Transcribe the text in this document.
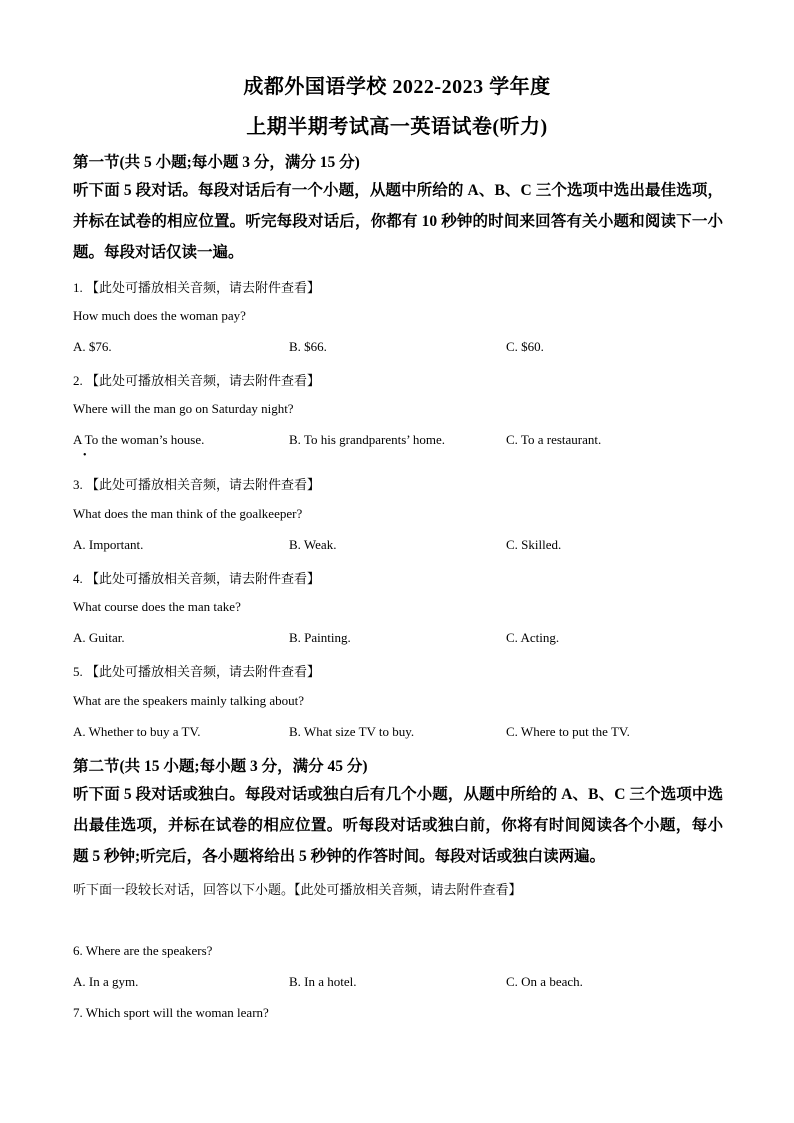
成都外国语学校 2022-2023 学年度
上期半期考试高一英语试卷(听力)
第一节(共 5 小题;每小题 3 分，满分 15 分)
听下面 5 段对话。每段对话后有一个小题，从题中所给的 A、B、C 三个选项中选出最佳选项，并标在试卷的相应位置。听完每段对话后，你都有 10 秒钟的时间来回答有关小题和阅读下一小题。每段对话仅读一遍。
1. 【此处可播放相关音频，请去附件查看】
How much does the woman pay?
A. $76.	B. $66.	C. $60.
2. 【此处可播放相关音频，请去附件查看】
Where will the man go on Saturday night?
A To the woman’s house.	B. To his grandparents’ home.	C. To a restaurant.
•
3. 【此处可播放相关音频，请去附件查看】
What does the man think of the goalkeeper?
A. Important.	B. Weak.	C. Skilled.
4. 【此处可播放相关音频，请去附件查看】
What course does the man take?
A. Guitar.	B. Painting.	C. Acting.
5. 【此处可播放相关音频，请去附件查看】
What are the speakers mainly talking about?
A. Whether to buy a TV.	B. What size TV to buy.	C. Where to put the TV.
第二节(共 15 小题;每小题 3 分，满分 45 分)
听下面 5 段对话或独白。每段对话或独白后有几个小题，从题中所给的 A、B、C 三个选项中选出最佳选项，并标在试卷的相应位置。听每段对话或独白前，你将有时间阅读各个小题，每小题 5 秒钟;听完后，各小题将给出 5 秒钟的作答时间。每段对话或独白读两遍。
听下面一段较长对话，回答以下小题。【此处可播放相关音频，请去附件查看】
6. Where are the speakers?
A. In a gym.	B. In a hotel.	C. On a beach.
7. Which sport will the woman learn?
